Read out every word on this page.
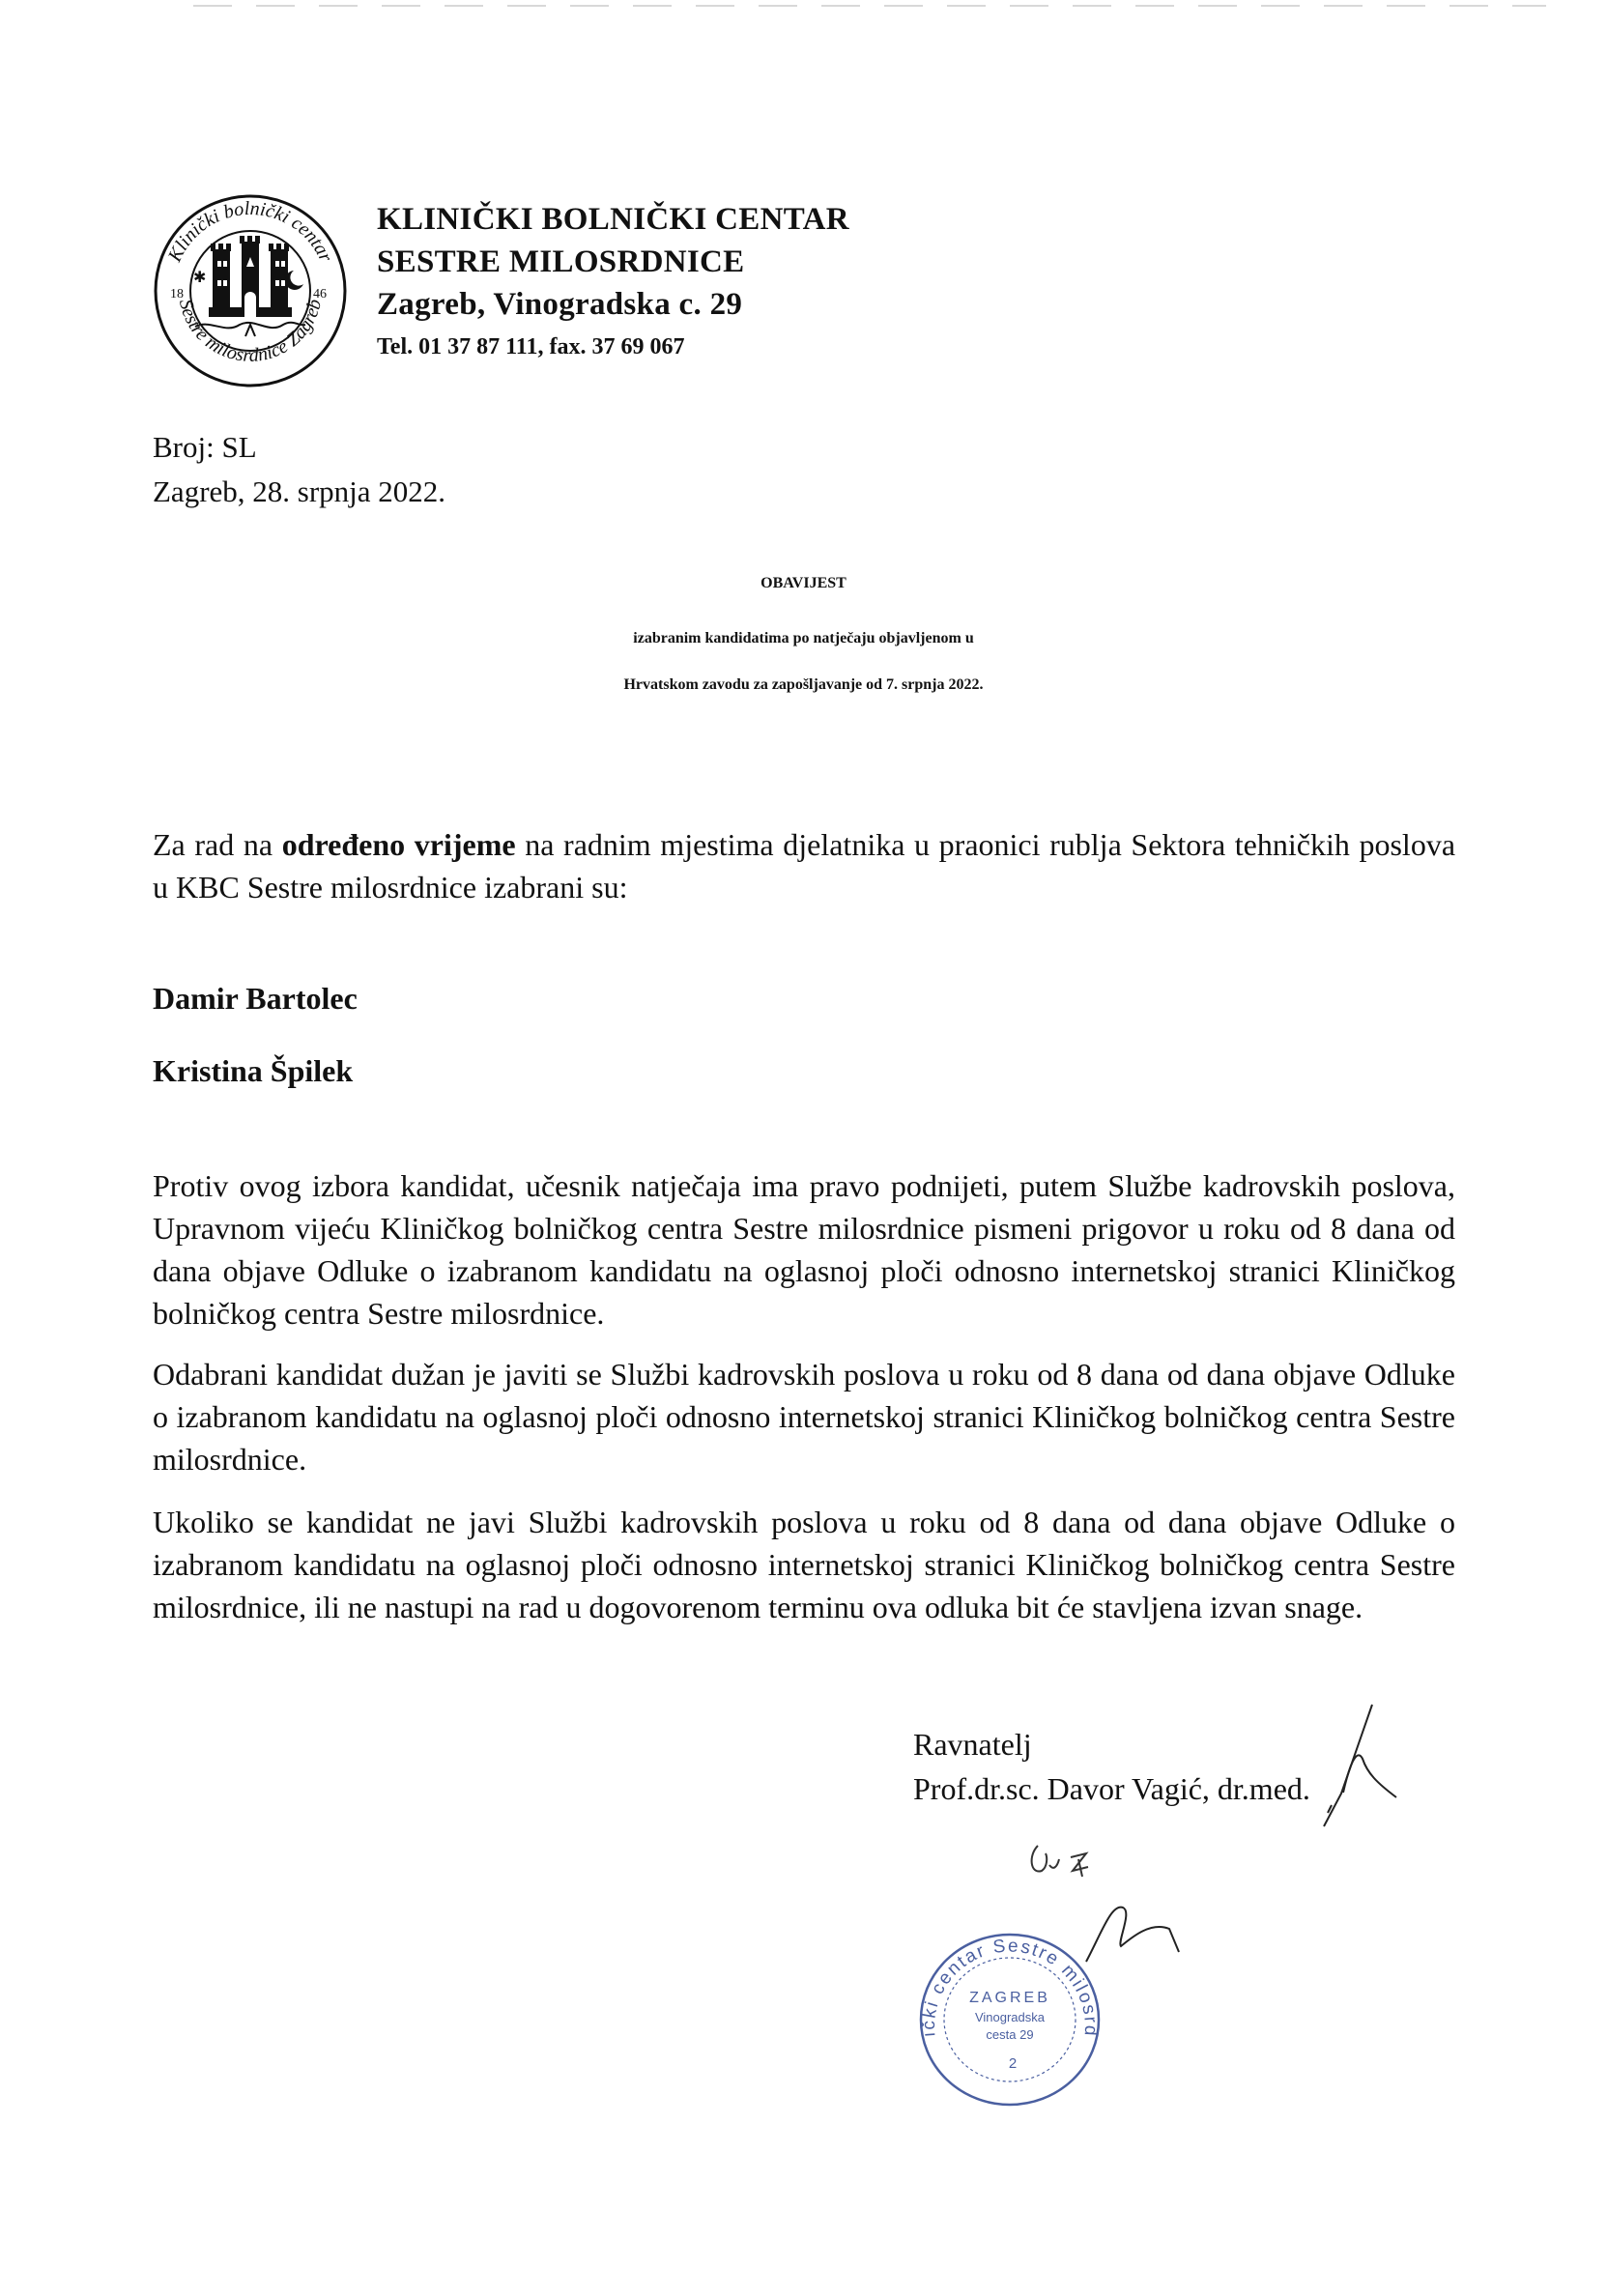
Klinički bolnički centar
Sestre milosrdnice Zagreb
18	46
✱
KLINIČKI BOLNIČKI CENTAR
SESTRE MILOSRDNICE
Zagreb, Vinogradska c. 29
Tel. 01 37 87 111, fax. 37 69 067
Broj: SL
Zagreb, 28. srpnja 2022.
OBAVIJEST
izabranim kandidatima po natječaju objavljenom u
Hrvatskom zavodu za zapošljavanje od 7. srpnja 2022.
Za rad na određeno vrijeme na radnim mjestima djelatnika u praonici rublja Sektora tehničkih poslova u KBC Sestre milosrdnice izabrani su:
Damir Bartolec
Kristina Špilek
Protiv ovog izbora kandidat, učesnik natječaja ima pravo podnijeti, putem Službe kadrovskih poslova, Upravnom vijeću Kliničkog bolničkog centra Sestre milosrdnice pismeni prigovor u roku od 8 dana od dana objave Odluke o izabranom kandidatu na oglasnoj ploči odnosno internetskoj stranici Kliničkog bolničkog centra Sestre milosrdnice.
Odabrani kandidat dužan je javiti se Službi kadrovskih poslova u roku od 8 dana od dana objave Odluke o izabranom kandidatu na oglasnoj ploči odnosno internetskoj stranici Kliničkog bolničkog centra Sestre milosrdnice.
Ukoliko se kandidat ne javi Službi kadrovskih poslova u roku od 8 dana od dana objave Odluke o izabranom kandidatu na oglasnoj ploči odnosno internetskoj stranici Kliničkog bolničkog centra Sestre milosrdnice, ili ne nastupi na rad u dogovorenom terminu ova odluka bit će stavljena izvan snage.
Ravnatelj
Prof.dr.sc. Davor Vagić, dr.med.
ički centar Sestre milosrd
ZAGREB
Vinogradska
cesta 29
2
